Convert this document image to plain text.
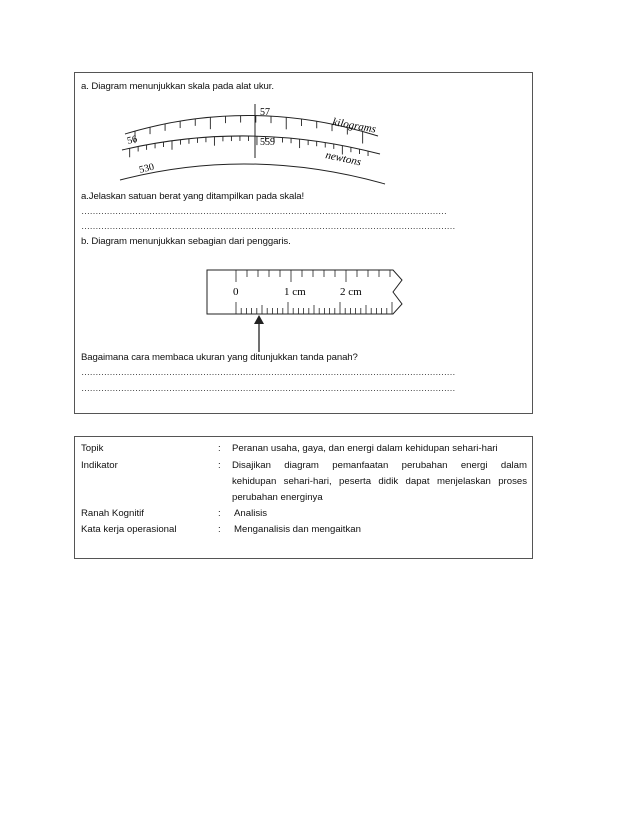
a. Diagram menunjukkan skala pada alat ukur.
56
57
kilograms
530
559
newtons
a.Jelaskan satuan berat yang ditampilkan pada skala!
…………………………………………………………………………………………………………………
……………………………………………………………………………………………………………………
b. Diagram menunjukkan sebagian dari penggaris.
0	1 cm	2 cm
Bagaimana cara membaca ukuran yang ditunjukkan tanda panah?
……………………………………………………………………………………………………………………
……………………………………………………………………………………………………………………
Topik	: Peranan usaha, gaya, dan energi dalam kehidupan sehari-hari
Indikator	: Disajikan diagram pemanfaatan perubahan energi dalam
kehidupan sehari-hari, peserta didik dapat menjelaskan proses
perubahan energinya
Ranah Kognitif	: Analisis
Kata kerja operasional	: Menganalisis dan mengaitkan
